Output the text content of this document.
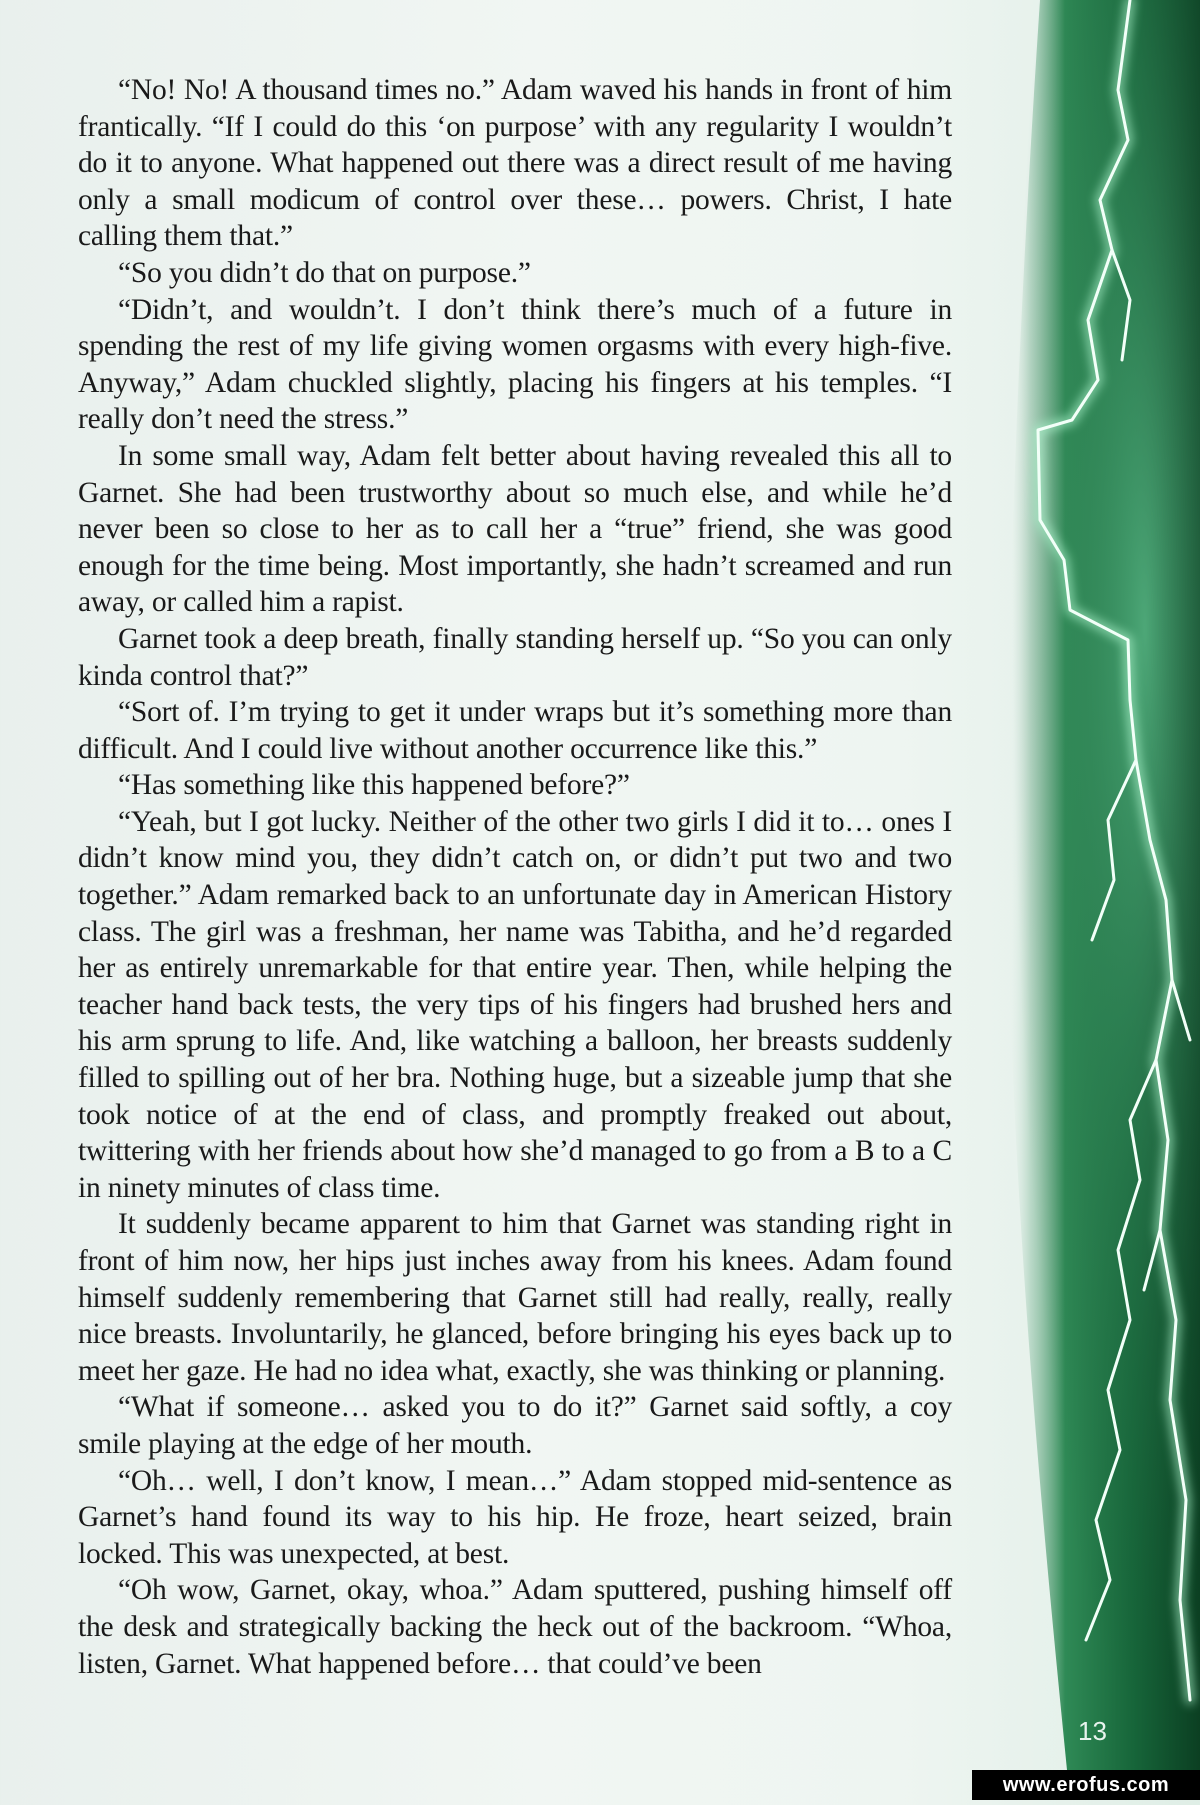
“No! No! A thousand times no.” Adam waved his hands in front of him frantically. “If I could do this ‘on purpose’ with any regularity I wouldn’t do it to anyone. What happened out there was a direct result of me having only a small modicum of control over these… powers. Christ, I hate calling them that.”

“So you didn’t do that on purpose.”

“Didn’t, and wouldn’t. I don’t think there’s much of a future in spending the rest of my life giving women orgasms with every high-five. Anyway,” Adam chuckled slightly, placing his fingers at his temples. “I really don’t need the stress.”

In some small way, Adam felt better about having revealed this all to Garnet. She had been trustworthy about so much else, and while he’d never been so close to her as to call her a “true” friend, she was good enough for the time being. Most importantly, she hadn’t screamed and run away, or called him a rapist.

Garnet took a deep breath, finally standing herself up. “So you can only kinda control that?”

“Sort of. I’m trying to get it under wraps but it’s something more than difficult. And I could live without another occurrence like this.”

“Has something like this happened before?”

“Yeah, but I got lucky. Neither of the other two girls I did it to… ones I didn’t know mind you, they didn’t catch on, or didn’t put two and two together.” Adam remarked back to an unfortunate day in American History class. The girl was a freshman, her name was Tabitha, and he’d regarded her as entirely unremarkable for that entire year. Then, while helping the teacher hand back tests, the very tips of his fingers had brushed hers and his arm sprung to life. And, like watching a balloon, her breasts suddenly filled to spilling out of her bra. Nothing huge, but a sizeable jump that she took notice of at the end of class, and promptly freaked out about, twittering with her friends about how she’d managed to go from a B to a C in ninety minutes of class time.

It suddenly became apparent to him that Garnet was standing right in front of him now, her hips just inches away from his knees. Adam found himself suddenly remembering that Garnet still had really, really, really nice breasts. Involuntarily, he glanced, before bringing his eyes back up to meet her gaze. He had no idea what, exactly, she was thinking or planning.

“What if someone… asked you to do it?” Garnet said softly, a coy smile playing at the edge of her mouth.

“Oh… well, I don’t know, I mean…” Adam stopped mid-sentence as Garnet’s hand found its way to his hip. He froze, heart seized, brain locked. This was unexpected, at best.

“Oh wow, Garnet, okay, whoa.” Adam sputtered, pushing himself off the desk and strategically backing the heck out of the backroom. “Whoa, listen, Garnet. What happened before… that could’ve been

13
www.erofus.com
